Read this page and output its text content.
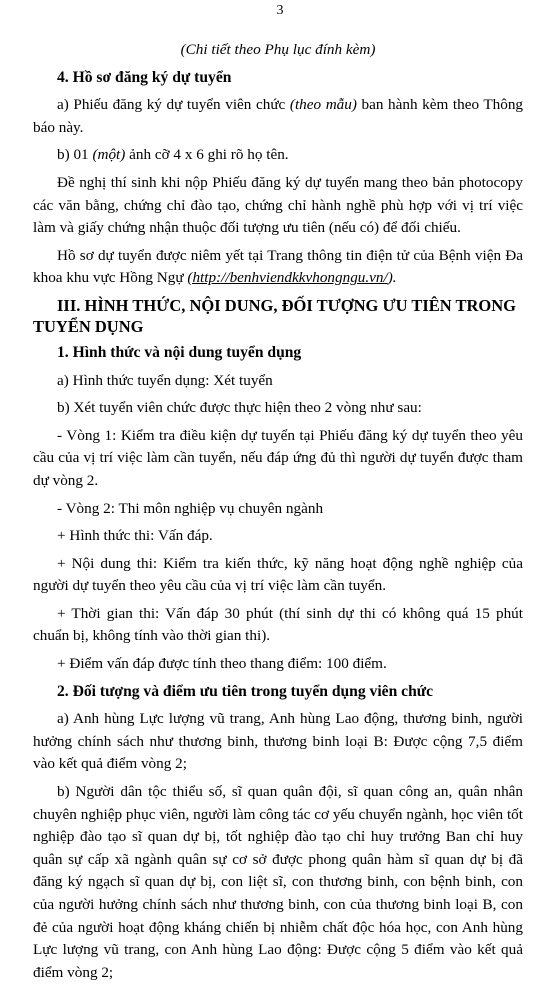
3

(Chi tiết theo Phụ lục đính kèm)

4. Hồ sơ đăng ký dự tuyển

a) Phiếu đăng ký dự tuyển viên chức (theo mẫu) ban hành kèm theo Thông báo này.

b) 01 (một) ảnh cỡ 4 x 6 ghi rõ họ tên.

Đề nghị thí sinh khi nộp Phiếu đăng ký dự tuyển mang theo bản photocopy các văn bằng, chứng chỉ đào tạo, chứng chỉ hành nghề phù hợp với vị trí việc làm và giấy chứng nhận thuộc đối tượng ưu tiên (nếu có) để đối chiếu.

Hồ sơ dự tuyển được niêm yết tại Trang thông tin điện tử của Bệnh viện Đa khoa khu vực Hồng Ngự (http://benhviendkkvhongngu.vn/).

III. HÌNH THỨC, NỘI DUNG, ĐỐI TƯỢNG ƯU TIÊN TRONG TUYỂN DỤNG
1. Hình thức và nội dung tuyển dụng

a) Hình thức tuyển dụng: Xét tuyển

b) Xét tuyển viên chức được thực hiện theo 2 vòng như sau:

- Vòng 1: Kiểm tra điều kiện dự tuyển tại Phiếu đăng ký dự tuyển theo yêu cầu của vị trí việc làm cần tuyển, nếu đáp ứng đủ thì người dự tuyển được tham dự vòng 2.

- Vòng 2: Thi môn nghiệp vụ chuyên ngành

+ Hình thức thi: Vấn đáp.

+ Nội dung thi: Kiểm tra kiến thức, kỹ năng hoạt động nghề nghiệp của người dự tuyển theo yêu cầu của vị trí việc làm cần tuyển.

+ Thời gian thi: Vấn đáp 30 phút (thí sinh dự thi có không quá 15 phút chuẩn bị, không tính vào thời gian thi).

+ Điểm vấn đáp được tính theo thang điểm: 100 điểm.

2. Đối tượng và điểm ưu tiên trong tuyển dụng viên chức

a) Anh hùng Lực lượng vũ trang, Anh hùng Lao động, thương binh, người hưởng chính sách như thương binh, thương binh loại B: Được cộng 7,5 điểm vào kết quả điểm vòng 2;

b) Người dân tộc thiểu số, sĩ quan quân đội, sĩ quan công an, quân nhân chuyên nghiệp phục viên, người làm công tác cơ yếu chuyển ngành, học viên tốt nghiệp đào tạo sĩ quan dự bị, tốt nghiệp đào tạo chỉ huy trưởng Ban chỉ huy quân sự cấp xã ngành quân sự cơ sở được phong quân hàm sĩ quan dự bị đã đăng ký ngạch sĩ quan dự bị, con liệt sĩ, con thương binh, con bệnh binh, con của người hưởng chính sách như thương binh, con của thương binh loại B, con đẻ của người hoạt động kháng chiến bị nhiễm chất độc hóa học, con Anh hùng Lực lượng vũ trang, con Anh hùng Lao động: Được cộng 5 điểm vào kết quả điểm vòng 2;
